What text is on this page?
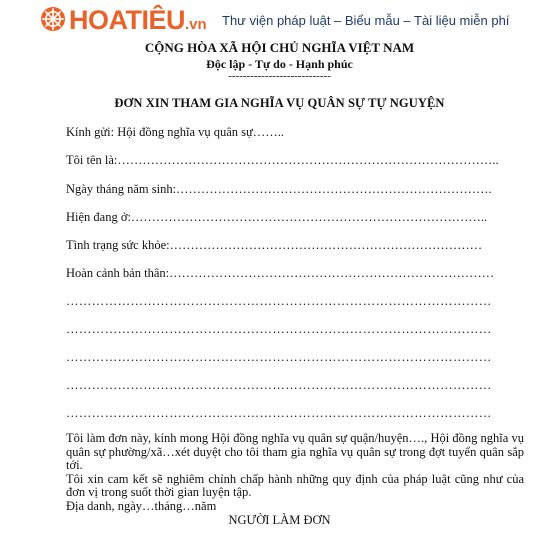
HOATIÊU.vn Thư viện pháp luật – Biểu mẫu – Tài liệu miễn phí
CỘNG HÒA XÃ HỘI CHỦ NGHĨA VIỆT NAM
Độc lập - Tự do - Hạnh phúc
----------------------------
ĐƠN XIN THAM GIA NGHĨA VỤ QUÂN SỰ TỰ NGUYỆN
Kính gửi: Hội đồng nghĩa vụ quân sự……..
Tôi tên là:………………………………………………………………………………..
Ngày tháng năm sinh:………………………………………………………………….
Hiện đang ở:…………………………………………………………………………..
Tình trạng sức khỏe:…………………………………………………………………
Hoàn cảnh bản thân:……………………………………………………………………
………………………………………………………………………………………
………………………………………………………………………………………
………………………………………………………………………………………
………………………………………………………………………………………
………………………………………………………………………………………

Tôi làm đơn này, kính mong Hội đồng nghĩa vụ quân sự quận/huyện…., Hội đồng nghĩa vụ quân sự phường/xã…xét duyệt cho tôi tham gia nghĩa vụ quân sự trong đợt tuyển quân sắp tới.

Tôi xin cam kết sẽ nghiêm chỉnh chấp hành những quy định của pháp luật cũng như của đơn vị trong suốt thời gian luyện tập.

Địa danh, ngày…tháng…năm

NGƯỜI LÀM ĐƠN
